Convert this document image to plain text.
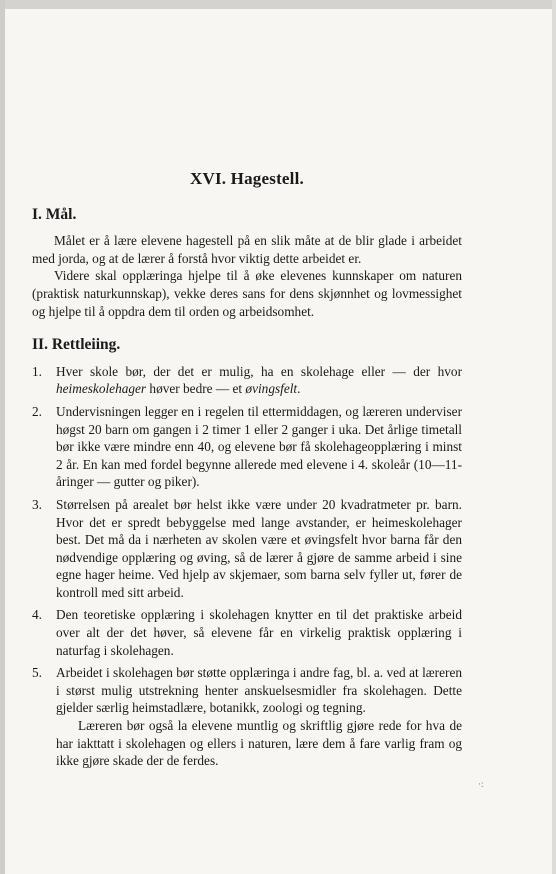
XVI. Hagestell.
I. Mål.

Målet er å lære elevene hagestell på en slik måte at de blir glade i arbeidet med jorda, og at de lærer å forstå hvor viktig dette arbeidet er.

Videre skal opplæringa hjelpe til å øke elevenes kunnskaper om naturen (praktisk naturkunnskap), vekke deres sans for dens skjønnhet og lovmessighet og hjelpe til å oppdra dem til orden og arbeidsomhet.

II. Rettleiing.
1.	Hver skole bør, der det er mulig, ha en skolehage eller — der hvor heimeskolehager høver bedre — et øvingsfelt.
2.	Undervisningen legger en i regelen til ettermiddagen, og læreren underviser høgst 20 barn om gangen i 2 timer 1 eller 2 ganger i uka. Det årlige timetall bør ikke være mindre enn 40, og elevene bør få skolehageopplæring i minst 2 år. En kan med fordel begynne allerede med elevene i 4. skoleår (10—11-åringer — gutter og piker).
3.	Størrelsen på arealet bør helst ikke være under 20 kvadratmeter pr. barn. Hvor det er spredt bebyggelse med lange avstander, er heimeskolehager best. Det må da i nærheten av skolen være et øvingsfelt hvor barna får den nødvendige opplæring og øving, så de lærer å gjøre de samme arbeid i sine egne hager heime. Ved hjelp av skjemaer, som barna selv fyller ut, fører de kontroll med sitt arbeid.
4.	Den teoretiske opplæring i skolehagen knytter en til det praktiske arbeid over alt der det høver, så elevene får en virkelig praktisk opplæring i naturfag i skolehagen.
5.	Arbeidet i skolehagen bør støtte opplæringa i andre fag, bl. a. ved at læreren i størst mulig utstrekning henter anskuelsesmidler fra skolehagen. Dette gjelder særlig heimstadlære, botanikk, zoologi og tegning.
Læreren bør også la elevene muntlig og skriftlig gjøre rede for hva de har iakttatt i skolehagen og ellers i naturen, lære dem å fare varlig fram og ikke gjøre skade der de ferdes.
·:
